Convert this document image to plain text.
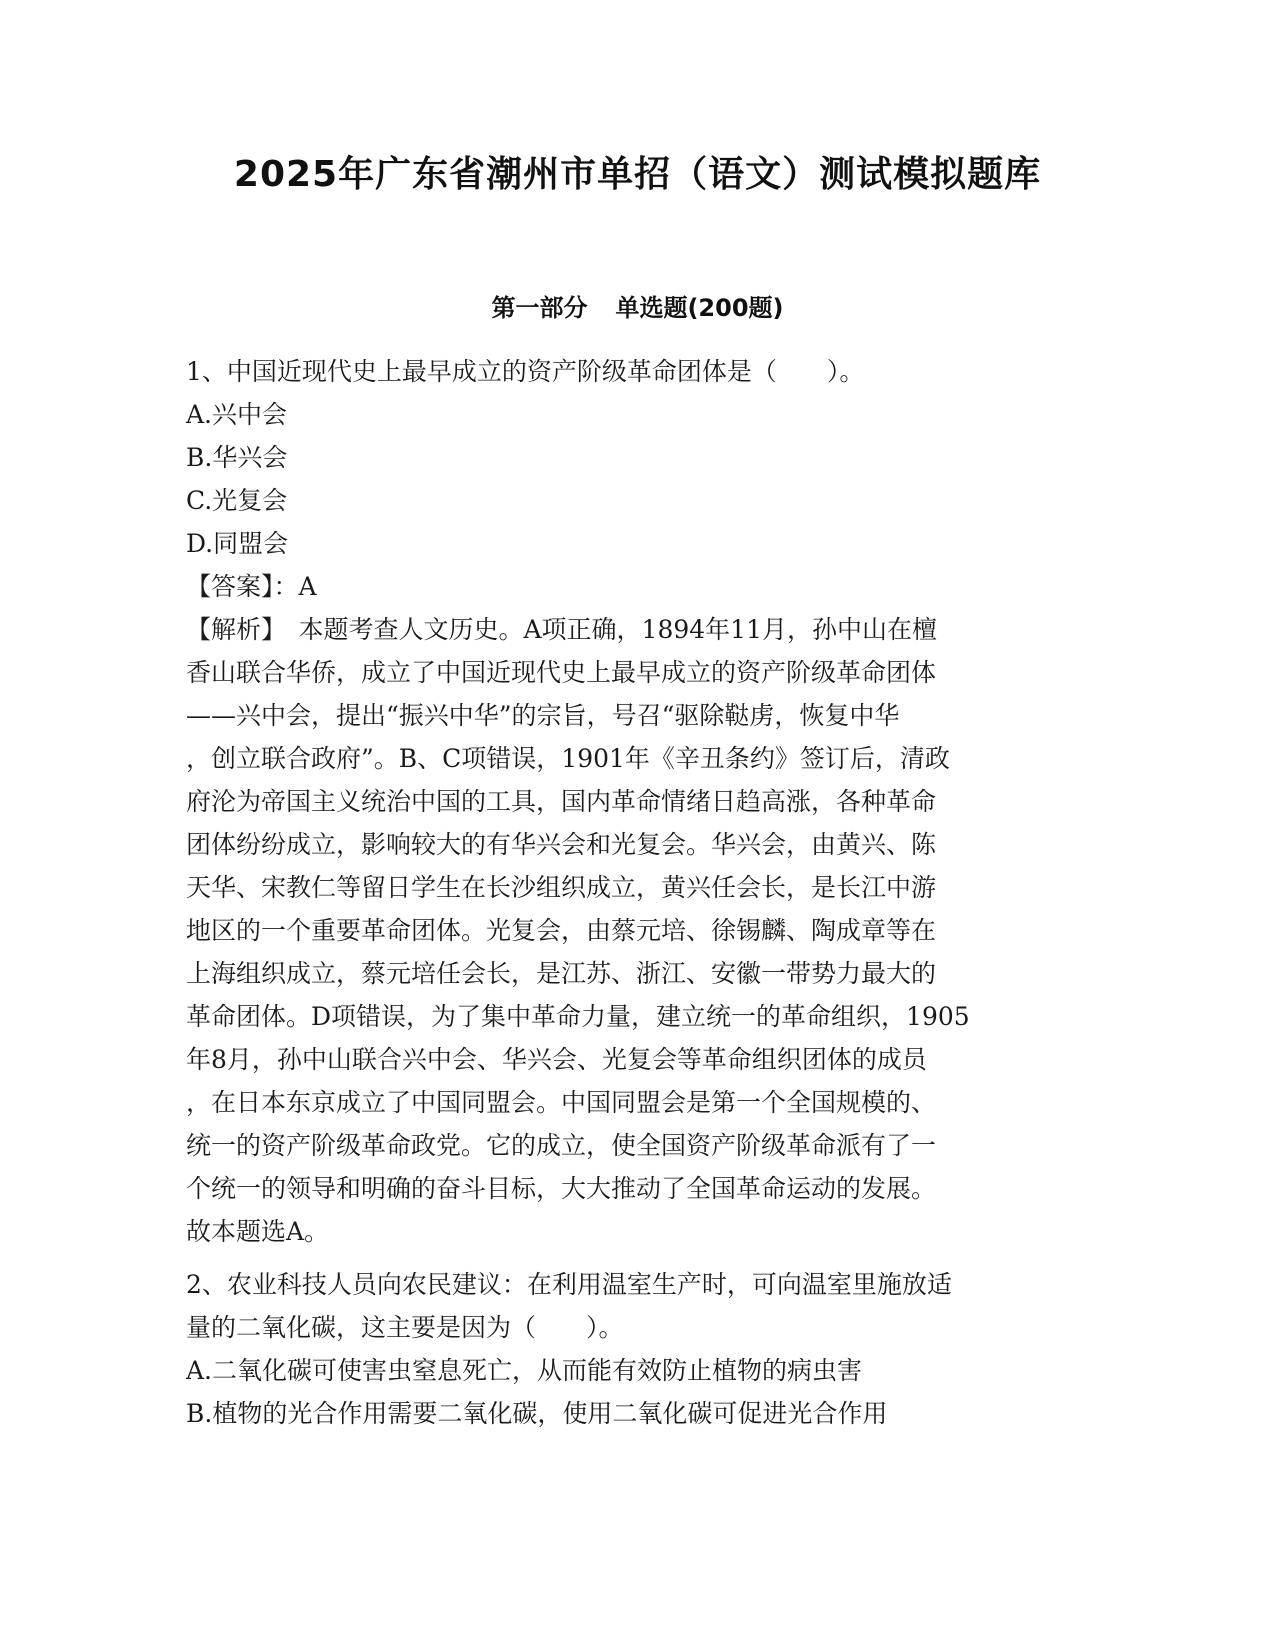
2025年广东省潮州市单招（语文）测试模拟题库
第一部分 单选题(200题)
1、中国近现代史上最早成立的资产阶级革命团体是（　　）。
A.兴中会
B.华兴会
C.光复会
D.同盟会
【答案】：A
【解析】　本题考查人文历史。A项正确，1894年11月，孙中山在檀
香山联合华侨，成立了中国近现代史上最早成立的资产阶级革命团体
——兴中会，提出“振兴中华”的宗旨，号召“驱除鞑虏，恢复中华
，创立联合政府”。B、C项错误，1901年《辛丑条约》签订后，清政
府沦为帝国主义统治中国的工具，国内革命情绪日趋高涨，各种革命
团体纷纷成立，影响较大的有华兴会和光复会。华兴会，由黄兴、陈
天华、宋教仁等留日学生在长沙组织成立，黄兴任会长，是长江中游
地区的一个重要革命团体。光复会，由蔡元培、徐锡麟、陶成章等在
上海组织成立，蔡元培任会长，是江苏、浙江、安徽一带势力最大的
革命团体。D项错误，为了集中革命力量，建立统一的革命组织，1905
年8月，孙中山联合兴中会、华兴会、光复会等革命组织团体的成员
，在日本东京成立了中国同盟会。中国同盟会是第一个全国规模的、
统一的资产阶级革命政党。它的成立，使全国资产阶级革命派有了一
个统一的领导和明确的奋斗目标，大大推动了全国革命运动的发展。
故本题选A。
2、农业科技人员向农民建议：在利用温室生产时，可向温室里施放适
量的二氧化碳，这主要是因为（　　）。
A.二氧化碳可使害虫窒息死亡，从而能有效防止植物的病虫害
B.植物的光合作用需要二氧化碳，使用二氧化碳可促进光合作用
